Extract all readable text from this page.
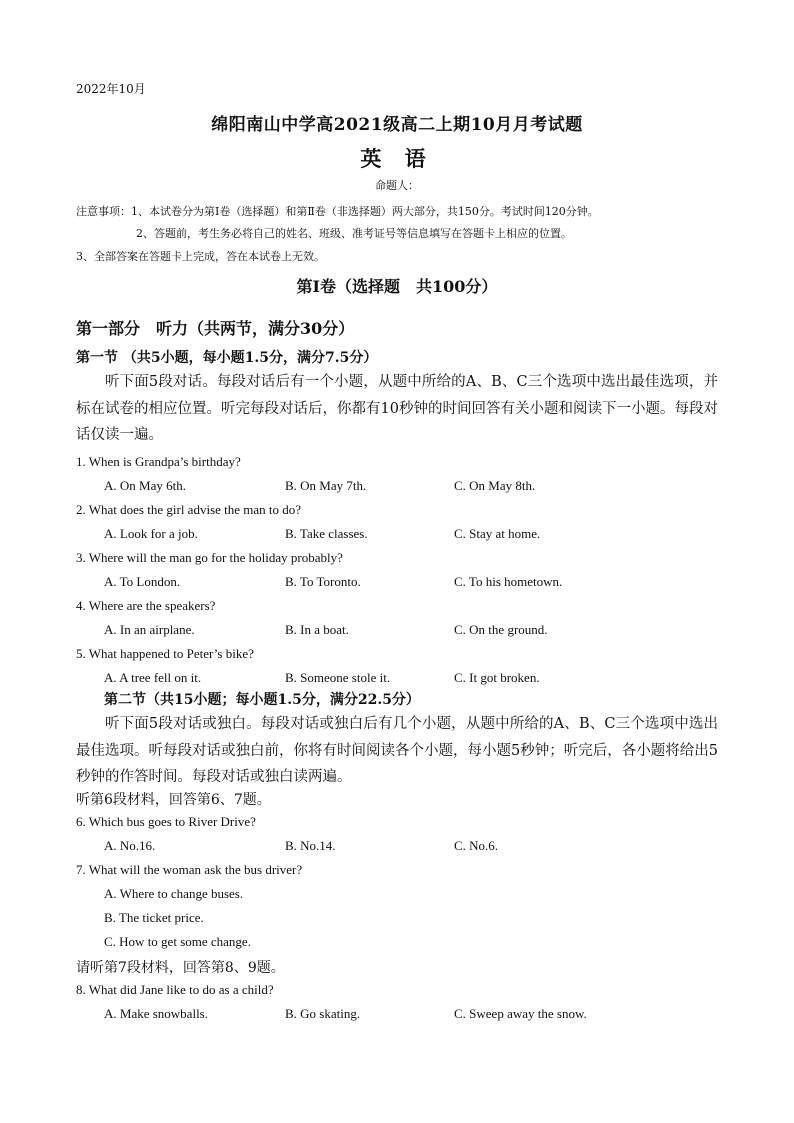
2022年10月
绵阳南山中学高2021级高二上期10月月考试题
英 语
命题人：
注意事项：1、本试卷分为第Ⅰ卷（选择题）和第Ⅱ卷（非选择题）两大部分，共150分。考试时间120分钟。
2、答题前，考生务必将自己的姓名、班级、准考证号等信息填写在答题卡上相应的位置。
3、全部答案在答题卡上完成，答在本试卷上无效。
第Ⅰ卷（选择题　共100分）
第一部分　听力（共两节，满分30分）
第一节 （共5小题，每小题1.5分，满分7.5分）
听下面5段对话。每段对话后有一个小题，从题中所给的A、B、C三个选项中选出最佳选项，并标在试卷的相应位置。听完每段对话后，你都有10秒钟的时间回答有关小题和阅读下一小题。每段对话仅读一遍。
1. When is Grandpa’s birthday?
A. On May 6th.	B. On May 7th.	C. On May 8th.
2. What does the girl advise the man to do?
A. Look for a job.	B. Take classes.	C. Stay at home.
3. Where will the man go for the holiday probably?
A. To London.	B. To Toronto.	C. To his hometown.
4. Where are the speakers?
A. In an airplane.	B. In a boat.	C. On the ground.
5. What happened to Peter’s bike?
A. A tree fell on it.	B. Someone stole it.	C. It got broken.
第二节（共15小题；每小题1.5分，满分22.5分）
听下面5段对话或独白。每段对话或独白后有几个小题，从题中所给的A、B、C三个选项中选出最佳选项。听每段对话或独白前，你将有时间阅读各个小题，每小题5秒钟；听完后，各小题将给出5秒钟的作答时间。每段对话或独白读两遍。
听第6段材料，回答第6、7题。
6. Which bus goes to River Drive?
A. No.16.	B. No.14.	C. No.6.
7. What will the woman ask the bus driver?
A. Where to change buses.
B. The ticket price.
C. How to get some change.
请听第7段材料，回答第8、9题。
8. What did Jane like to do as a child?
A. Make snowballs.	B. Go skating.	C. Sweep away the snow.
